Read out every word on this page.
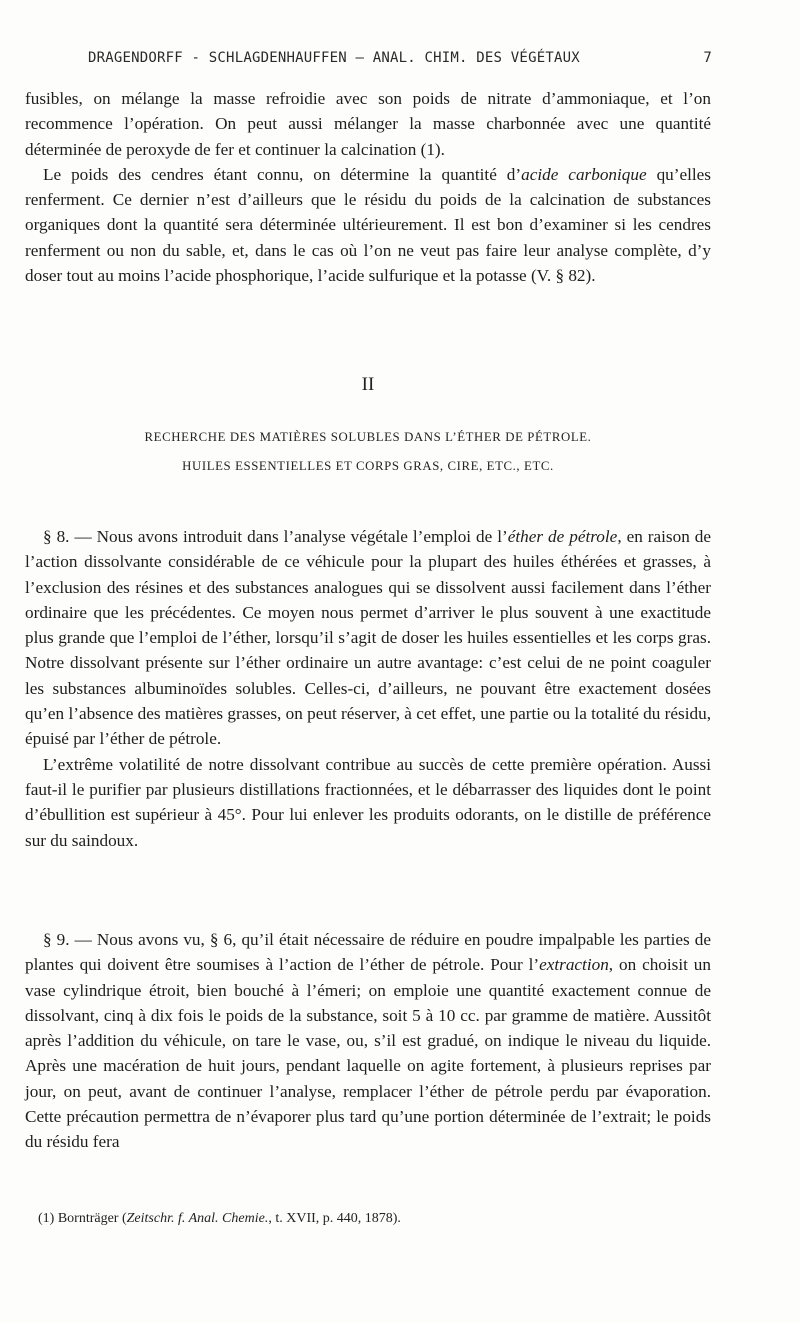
DRAGENDORFF - SCHLAGDENHAUFFEN — ANAL. CHIM. DES VÉGÉTAUX	7

fusibles, on mélange la masse refroidie avec son poids de nitrate d’ammoniaque, et l’on recommence l’opération. On peut aussi mélanger la masse charbonnée avec une quantité déterminée de peroxyde de fer et continuer la calcination (1).

Le poids des cendres étant connu, on détermine la quantité d’acide carbonique qu’elles renferment. Ce dernier n’est d’ailleurs que le résidu du poids de la calcination de substances organiques dont la quantité sera déterminée ultérieurement. Il est bon d’examiner si les cendres renferment ou non du sable, et, dans le cas où l’on ne veut pas faire leur analyse complète, d’y doser tout au moins l’acide phosphorique, l’acide sulfurique et la potasse (V. § 82).

II
RECHERCHE DES MATIÈRES SOLUBLES DANS L’ÉTHER DE PÉTROLE.
HUILES ESSENTIELLES ET CORPS GRAS, CIRE, ETC., ETC.

§ 8. — Nous avons introduit dans l’analyse végétale l’emploi de l’éther de pétrole, en raison de l’action dissolvante considérable de ce véhicule pour la plupart des huiles éthérées et grasses, à l’exclusion des résines et des substances analogues qui se dissolvent aussi facilement dans l’éther ordinaire que les précédentes. Ce moyen nous permet d’arriver le plus souvent à une exactitude plus grande que l’emploi de l’éther, lorsqu’il s’agit de doser les huiles essentielles et les corps gras. Notre dissolvant présente sur l’éther ordinaire un autre avantage: c’est celui de ne point coaguler les substances albuminoïdes solubles. Celles-ci, d’ailleurs, ne pouvant être exactement dosées qu’en l’absence des matières grasses, on peut réserver, à cet effet, une partie ou la totalité du résidu, épuisé par l’éther de pétrole.

L’extrême volatilité de notre dissolvant contribue au succès de cette première opération. Aussi faut-il le purifier par plusieurs distillations fractionnées, et le débarrasser des liquides dont le point d’ébullition est supérieur à 45°. Pour lui enlever les produits odorants, on le distille de préférence sur du saindoux.

§ 9. — Nous avons vu, § 6, qu’il était nécessaire de réduire en poudre impalpable les parties de plantes qui doivent être soumises à l’action de l’éther de pétrole. Pour l’extraction, on choisit un vase cylindrique étroit, bien bouché à l’émeri; on emploie une quantité exactement connue de dissolvant, cinq à dix fois le poids de la substance, soit 5 à 10 cc. par gramme de matière. Aussitôt après l’addition du véhicule, on tare le vase, ou, s’il est gradué, on indique le niveau du liquide. Après une macération de huit jours, pendant laquelle on agite fortement, à plusieurs reprises par jour, on peut, avant de continuer l’analyse, remplacer l’éther de pétrole perdu par évaporation. Cette précaution permettra de n’évaporer plus tard qu’une portion déterminée de l’extrait; le poids du résidu fera

(1) Bornträger (Zeitschr. f. Anal. Chemie., t. XVII, p. 440, 1878).
